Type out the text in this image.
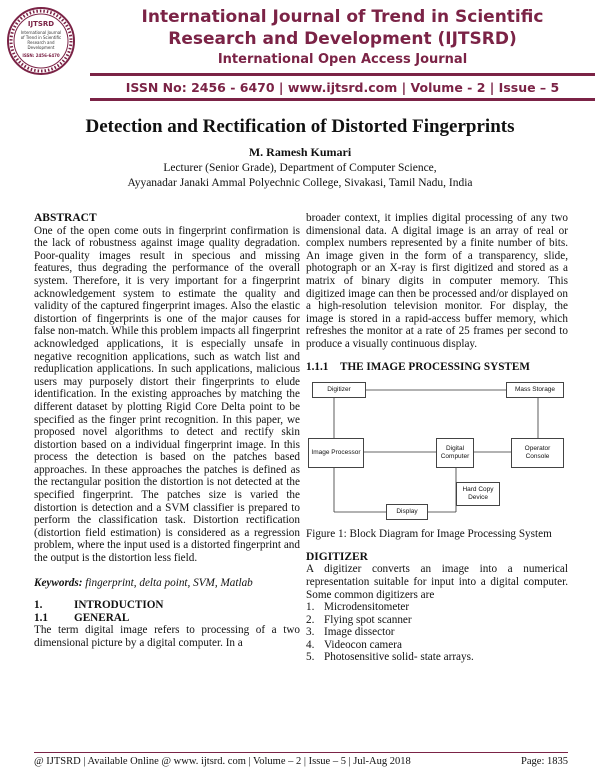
IJTSRD
International Journal
of Trend in Scientific
Research and
Development
ISSN: 2456-6470
International Journal of Trend in Scientific
Research and Development (IJTSRD)
International Open Access Journal
ISSN No: 2456 - 6470 | www.ijtsrd.com | Volume - 2 | Issue – 5
Detection and Rectification of Distorted Fingerprints
M. Ramesh Kumari
Lecturer (Senior Grade), Department of Computer Science,
Ayyanadar Janaki Ammal Polyechnic College, Sivakasi, Tamil Nadu, India

ABSTRACT

One of the open come outs in fingerprint confirmation is the lack of robustness against image quality degradation. Poor-quality images result in specious and missing features, thus degrading the performance of the overall system. Therefore, it is very important for a fingerprint acknowledgement system to estimate the quality and validity of the captured fingerprint images. Also the elastic distortion of fingerprints is one of the major causes for false non-match. While this problem impacts all fingerprint acknowledged applications, it is especially unsafe in negative recognition applications, such as watch list and reduplication applications. In such applications, malicious users may purposely distort their fingerprints to elude identification. In the existing approaches by matching the different dataset by plotting Rigid Core Delta point to be specified as the finger print recognition. In this paper, we proposed novel algorithms to detect and rectify skin distortion based on a individual fingerprint image. In this process the detection is based on the patches based approaches. In these approaches the patches is defined as the rectangular position the distortion is not detected at the specified fingerprint. The patches size is varied the distortion is detection and a SVM classifier is prepared to perform the classification task. Distortion rectification (distortion field estimation) is considered as a regression problem, where the input used is a distorted fingerprint and the output is the distortion less field.

Keywords: fingerprint, delta point, SVM, Matlab

1.	INTRODUCTION
1.1	GENERAL

The term digital image refers to processing of a two dimensional picture by a digital computer. In a

broader context, it implies digital processing of any two dimensional data. A digital image is an array of real or complex numbers represented by a finite number of bits. An image given in the form of a transparency, slide, photograph or an X-ray is first digitized and stored as a matrix of binary digits in computer memory. This digitized image can then be processed and/or displayed on a high-resolution television monitor. For display, the image is stored in a rapid-access buffer memory, which refreshes the monitor at a rate of 25 frames per second to produce a visually continuous display.

1.1.1	THE IMAGE PROCESSING SYSTEM
Digitizer	Mass Storage
Image Processor
Digital Computer
Operator Console
Hard Copy Device
Display

Figure 1: Block Diagram for Image Processing System

DIGITIZER

A digitizer converts an image into a numerical representation suitable for input into a digital computer. Some common digitizers are

1. Microdensitometer
2. Flying spot scanner
3. Image dissector
4. Videocon camera
5. Photosensitive solid- state arrays.
@ IJTSRD | Available Online @ www. ijtsrd. com | Volume – 2 | Issue – 5 | Jul-Aug 2018	Page: 1835
